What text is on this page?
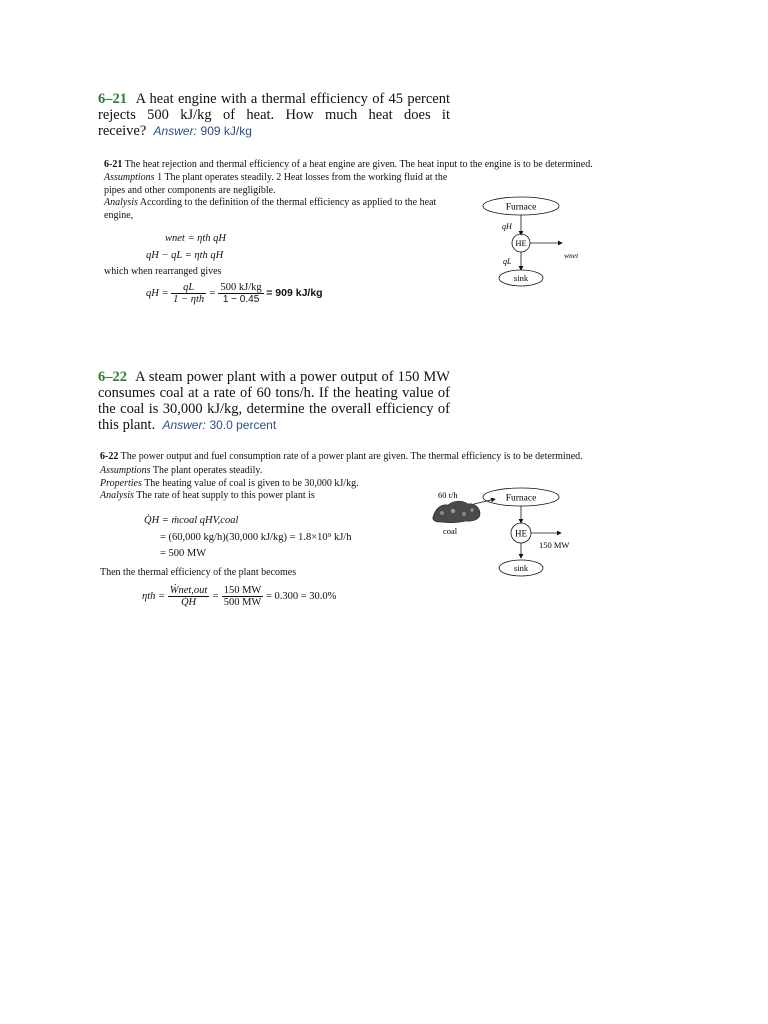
6–21 A heat engine with a thermal efficiency of 45 percent rejects 500 kJ/kg of heat. How much heat does it receive? Answer: 909 kJ/kg
6-21 The heat rejection and thermal efficiency of a heat engine are given. The heat input to the engine is to be determined.
Assumptions 1 The plant operates steadily. 2 Heat losses from the working fluid at the pipes and other components are negligible.
Analysis According to the definition of the thermal efficiency as applied to the heat engine,
wnet = ηth qH
qH − qL = ηth qH
which when rearranged gives
qH = $\frac{qL}{\text{1 − ηth}} = \frac{500 kJ/kg}{1 - 0.45} = 909$ kJ/kg
Furnace
qH
HE
wnet
qL
sink
6–22 A steam power plant with a power output of 150 MW consumes coal at a rate of 60 tons/h. If the heating value of the coal is 30,000 kJ/kg, determine the overall efficiency of this plant. Answer: 30.0 percent
6-22 The power output and fuel consumption rate of a power plant are given. The thermal efficiency is to be determined.
Assumptions The plant operates steadily.
Properties The heating value of coal is given to be 30,000 kJ/kg.
Analysis The rate of heat supply to this power plant is
Q̇H = ṁcoal qHV,coal
= (60,000 kg/h)(30,000 kJ/kg) = 1.8×10⁹ kJ/h
= 500 MW
Then the thermal efficiency of the plant becomes
$\eta th = \frac{\text{Ẇnet,out}}{Q̇H} = \frac{150 MW}{500 MW} = 0.300 = 30.0\%$
60 t/h
coal
Furnace
HE
150 MW
sink
